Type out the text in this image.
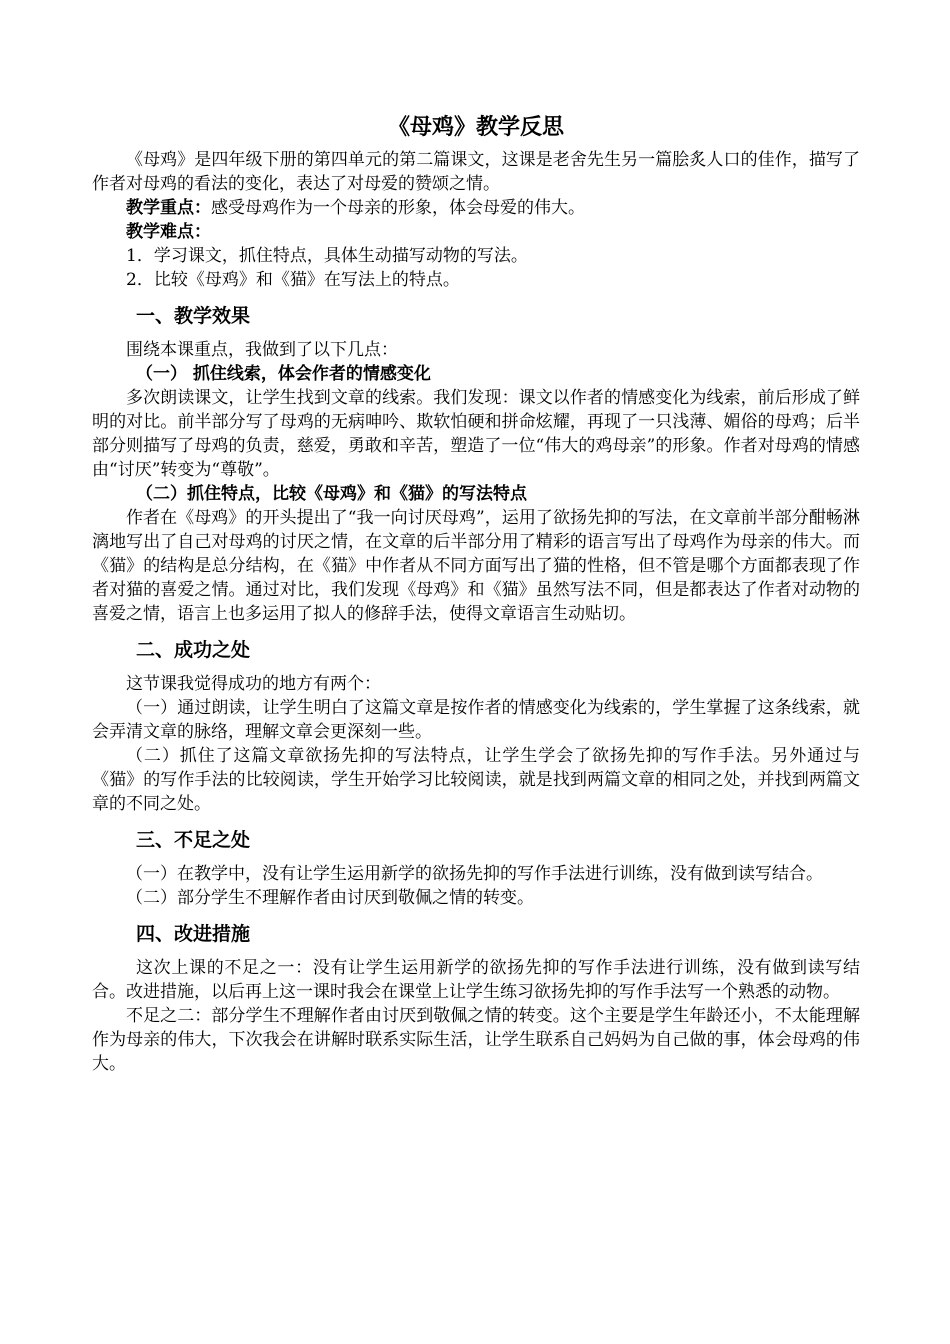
《母鸡》教学反思

《母鸡》是四年级下册的第四单元的第二篇课文，这课是老舍先生另一篇脍炙人口的佳作，描写了作者对母鸡的看法的变化，表达了对母爱的赞颂之情。

教学重点：感受母鸡作为一个母亲的形象，体会母爱的伟大。

教学难点：

1．学习课文，抓住特点，具体生动描写动物的写法。

2．比较《母鸡》和《猫》在写法上的特点。

一、教学效果

围绕本课重点，我做到了以下几点：

（一） 抓住线索，体会作者的情感变化

多次朗读课文，让学生找到文章的线索。我们发现：课文以作者的情感变化为线索，前后形成了鲜明的对比。前半部分写了母鸡的无病呻吟、欺软怕硬和拼命炫耀，再现了一只浅薄、媚俗的母鸡；后半部分则描写了母鸡的负责，慈爱，勇敢和辛苦，塑造了一位“伟大的鸡母亲”的形象。作者对母鸡的情感由“讨厌”转变为“尊敬”。

（二）抓住特点，比较《母鸡》和《猫》的写法特点

作者在《母鸡》的开头提出了“我一向讨厌母鸡”，运用了欲扬先抑的写法，在文章前半部分酣畅淋漓地写出了自己对母鸡的讨厌之情，在文章的后半部分用了精彩的语言写出了母鸡作为母亲的伟大。而《猫》的结构是总分结构，在《猫》中作者从不同方面写出了猫的性格，但不管是哪个方面都表现了作者对猫的喜爱之情。通过对比，我们发现《母鸡》和《猫》虽然写法不同，但是都表达了作者对动物的喜爱之情，语言上也多运用了拟人的修辞手法，使得文章语言生动贴切。

二、成功之处

这节课我觉得成功的地方有两个：

（一）通过朗读，让学生明白了这篇文章是按作者的情感变化为线索的，学生掌握了这条线索，就会弄清文章的脉络，理解文章会更深刻一些。

（二）抓住了这篇文章欲扬先抑的写法特点，让学生学会了欲扬先抑的写作手法。另外通过与《猫》的写作手法的比较阅读，学生开始学习比较阅读，就是找到两篇文章的相同之处，并找到两篇文章的不同之处。

三、不足之处

（一）在教学中，没有让学生运用新学的欲扬先抑的写作手法进行训练，没有做到读写结合。

（二）部分学生不理解作者由讨厌到敬佩之情的转变。

四、改进措施

这次上课的不足之一：没有让学生运用新学的欲扬先抑的写作手法进行训练，没有做到读写结合。改进措施，以后再上这一课时我会在课堂上让学生练习欲扬先抑的写作手法写一个熟悉的动物。

不足之二：部分学生不理解作者由讨厌到敬佩之情的转变。这个主要是学生年龄还小，不太能理解作为母亲的伟大，下次我会在讲解时联系实际生活，让学生联系自己妈妈为自己做的事，体会母鸡的伟大。
